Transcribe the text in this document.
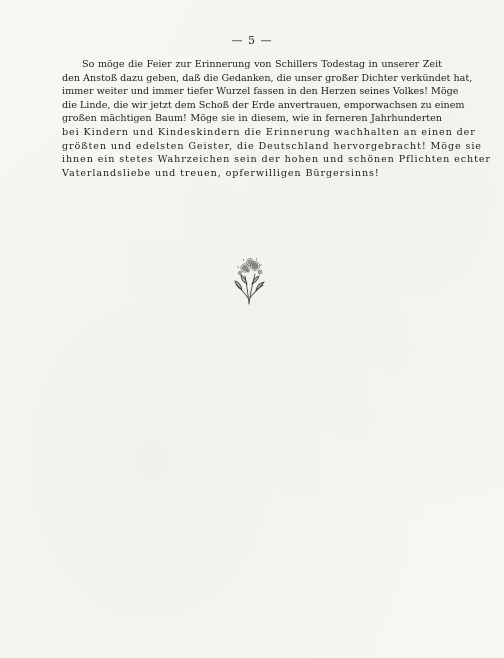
— 5 —
So möge die Feier zur Erinnerung von Schillers Todestag in unserer Zeit
den Anstoß dazu geben, daß die Gedanken, die unser großer Dichter verkündet hat,
immer weiter und immer tiefer Wurzel fassen in den Herzen seines Volkes! Möge
die Linde, die wir jetzt dem Schoß der Erde anvertrauen, emporwachsen zu einem
großen mächtigen Baum! Möge sie in diesem, wie in ferneren Jahrhunderten
bei Kindern und Kindeskindern die Erinnerung wachhalten an einen der
größten und edelsten Geister, die Deutschland hervorgebracht! Möge sie
ihnen ein stetes Wahrzeichen sein der hohen und schönen Pflichten echter
Vaterlandsliebe und treuen, opferwilligen Bürgersinns!
